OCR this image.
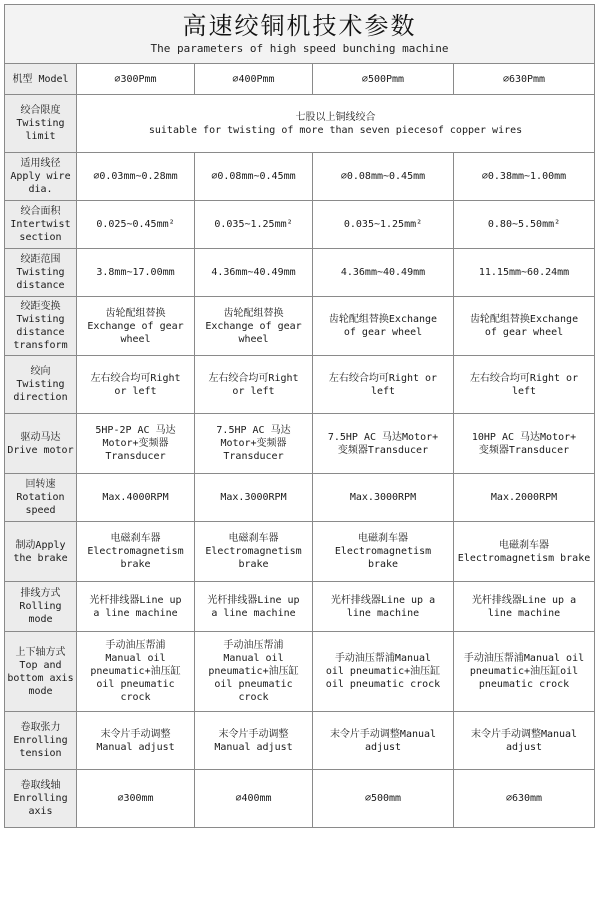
高速绞铜机技术参数
The parameters of high speed bunching machine				

机型 Model	⌀300Pmm	⌀400Pmm	⌀500Pmm	⌀630Pmm

绞合限度
Twisting
limit	七股以上铜线绞合
suitable for twisting of more than seven piecesof copper wires			

适用线径
Apply wire
dia.	⌀0.03mm~0.28mm	⌀0.08mm~0.45mm	⌀0.08mm~0.45mm	⌀0.38mm~1.00mm

绞合面积
Intertwist
section	0.025~0.45mm²	0.035~1.25mm²	0.035~1.25mm²	0.80~5.50mm²

绞距范围
Twisting
distance	3.8mm~17.00mm	4.36mm~40.49mm	4.36mm~40.49mm	11.15mm~60.24mm

绞距变换
Twisting
distance
transform	齿轮配组替换
Exchange of gear
wheel	齿轮配组替换
Exchange of gear
wheel	齿轮配组替换Exchange
of gear wheel	齿轮配组替换Exchange
of gear wheel

绞向
Twisting
direction	左右绞合均可Right
or left	左右绞合均可Right
or left	左右绞合均可Right or
left	左右绞合均可Right or
left

驱动马达
Drive motor	5HP-2P AC 马达
Motor+变频器
Transducer	7.5HP AC 马达
Motor+变频器
Transducer	7.5HP AC 马达Motor+
变频器Transducer	10HP AC 马达Motor+
变频器Transducer

回转速
Rotation
speed	Max.4000RPM	Max.3000RPM	Max.3000RPM	Max.2000RPM

制动Apply
the brake	电磁刹车器
Electromagnetism
brake	电磁刹车器
Electromagnetism
brake	电磁刹车器
Electromagnetism
brake	电磁刹车器
Electromagnetism brake

排线方式
Rolling
mode	光杆排线器Line up
a line machine	光杆排线器Line up
a line machine	光杆排线器Line up a
line machine	光杆排线器Line up a
line machine

上下轴方式
Top and
bottom axis
mode	手动油压帮浦
Manual oil
pneumatic+油压缸
oil pneumatic crock	手动油压帮浦
Manual oil
pneumatic+油压缸
oil pneumatic
crock	手动油压帮浦Manual
oil pneumatic+油压缸
oil pneumatic crock	手动油压帮浦Manual oil
pneumatic+油压缸oil
pneumatic crock

卷取张力
Enrolling
tension	末令片手动调整
Manual adjust	末令片手动调整
Manual adjust	末令片手动调整Manual
adjust	末令片手动调整Manual
adjust

卷取线轴
Enrolling
axis	⌀300mm	⌀400mm	⌀500mm	⌀630mm
